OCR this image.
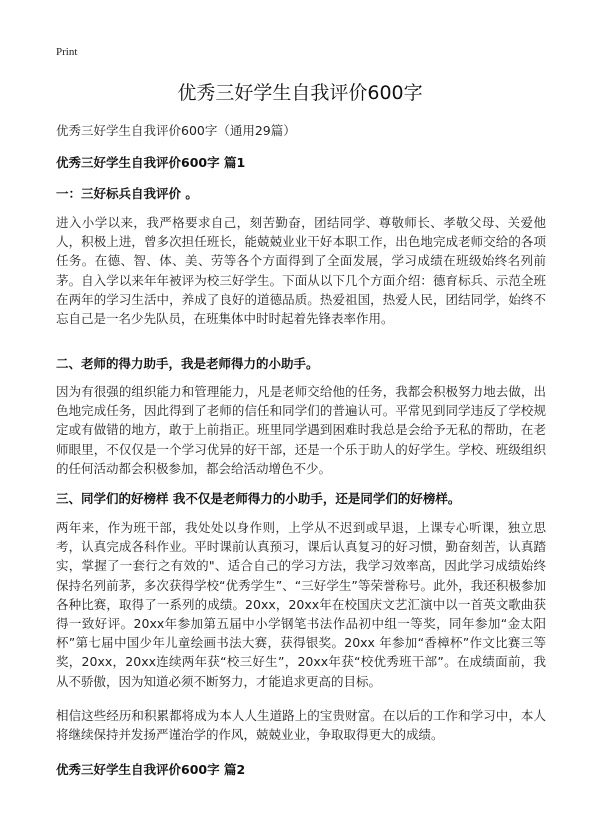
Print
优秀三好学生自我评价600字
优秀三好学生自我评价600字（通用29篇）
优秀三好学生自我评价600字 篇1
一：三好标兵自我评价 。
进入小学以来，我严格要求自己，刻苦勤奋，团结同学、尊敬师长、孝敬父母、关爱他人，积极上进，曾多次担任班长，能兢兢业业干好本职工作，出色地完成老师交给的各项任务。在德、智、体、美、劳等各个方面得到了全面发展，学习成绩在班级始终名列前茅。自入学以来年年被评为校三好学生。下面从以下几个方面介绍：德育标兵、示范全班 在两年的学习生活中，养成了良好的道德品质。热爱祖国，热爱人民，团结同学，始终不忘自己是一名少先队员，在班集体中时时起着先锋表率作用。
二、老师的得力助手，我是老师得力的小助手。
因为有很强的组织能力和管理能力，凡是老师交给他的任务，我都会积极努力地去做，出色地完成任务，因此得到了老师的信任和同学们的普遍认可。平常见到同学违反了学校规定或有做错的地方，敢于上前指正。班里同学遇到困难时我总是会给予无私的帮助，在老师眼里，不仅仅是一个学习优异的好干部，还是一个乐于助人的好学生。学校、班级组织的任何活动都会积极参加，都会给活动增色不少。
三、同学们的好榜样 我不仅是老师得力的小助手，还是同学们的好榜样。
两年来，作为班干部，我处处以身作则，上学从不迟到或早退，上课专心听课，独立思考，认真完成各科作业。平时课前认真预习，课后认真复习的好习惯，勤奋刻苦，认真踏实，掌握了一套行之有效的"、适合自己的学习方法，我学习效率高，因此学习成绩始终保持名列前茅，多次获得学校“优秀学生”、“三好学生”等荣誉称号。此外，我还积极参加各种比赛，取得了一系列的成绩。20xx，20xx年在校国庆文艺汇演中以一首英文歌曲获得一致好评。20xx年参加第五届中小学钢笔书法作品初中组一等奖，同年参加“金太阳杯”第七届中国少年儿童绘画书法大赛，获得银奖。20xx 年参加“香樟杯”作文比赛三等奖，20xx，20xx连续两年获“校三好生”，20xx年获“校优秀班干部”。在成绩面前，我从不骄傲，因为知道必须不断努力，才能追求更高的目标。
相信这些经历和积累都将成为本人人生道路上的宝贵财富。在以后的工作和学习中，本人将继续保持并发扬严谨治学的作风，兢兢业业，争取取得更大的成绩。
优秀三好学生自我评价600字 篇2
